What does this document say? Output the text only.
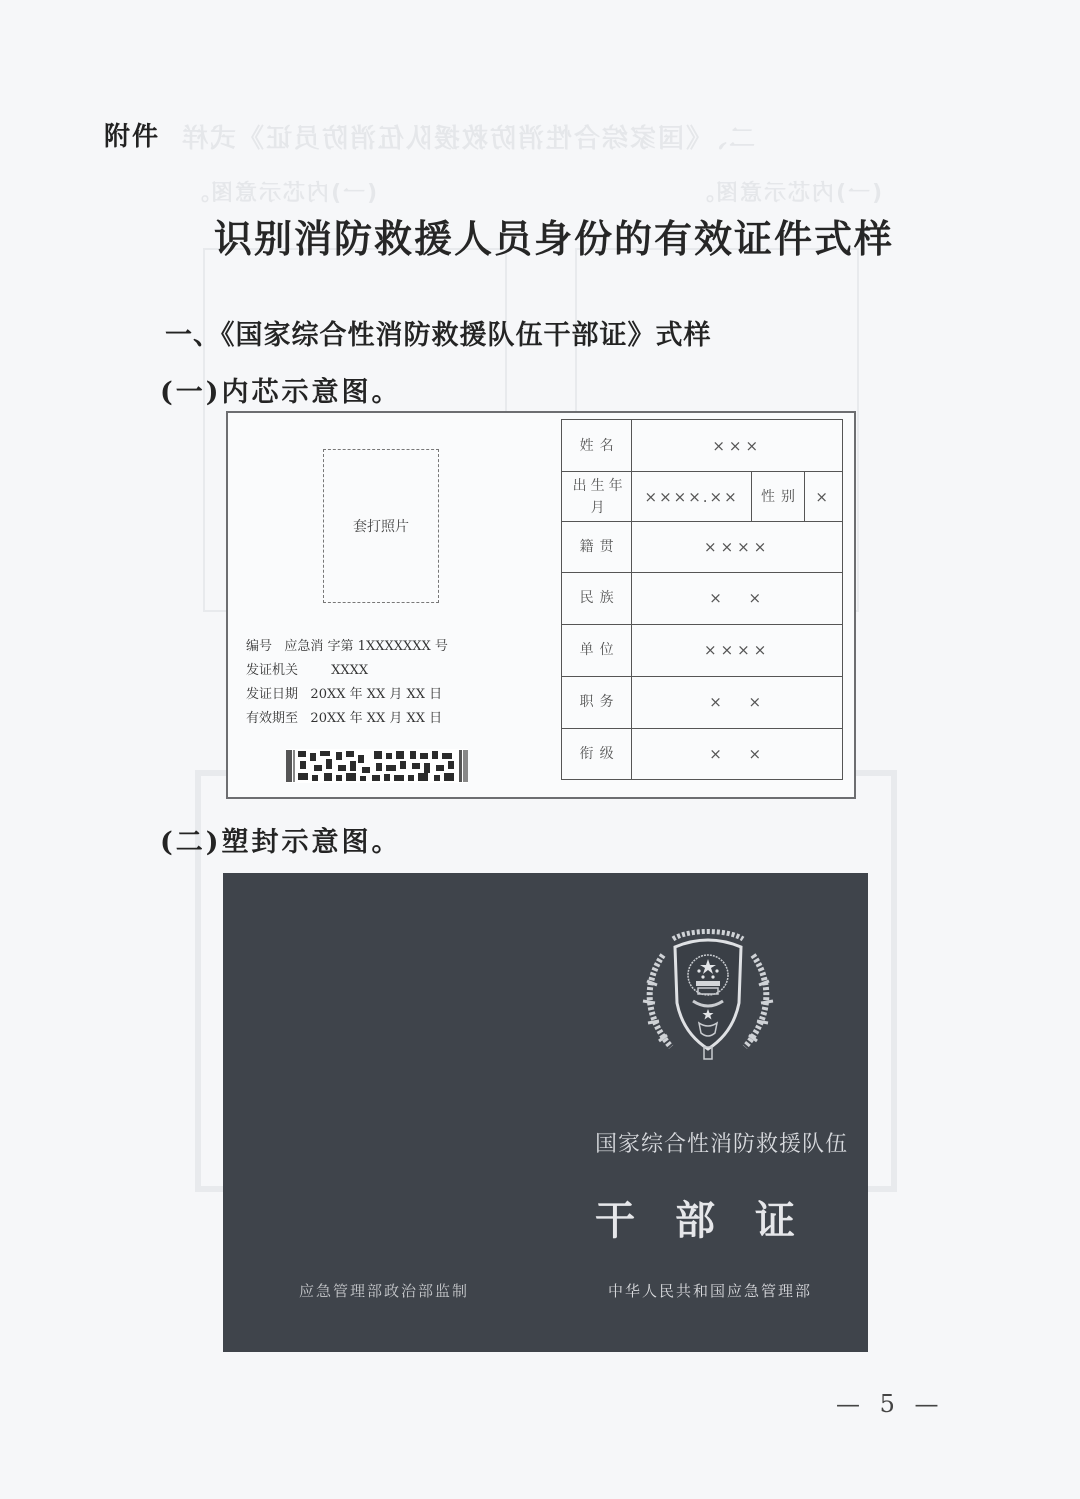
二、《国家综合性消防救援队伍消防员证》式样
(一)内芯示意图。	(一)内芯示意图。
附件
识别消防救援人员身份的有效证件式样
一、《国家综合性消防救援队伍干部证》式样
(一)内芯示意图。
套打照片
编号 应急消 字第 1XXXXXXX 号
发证机关	XXXX
发证日期 20XX 年 XX 月 XX 日
有效期至 20XX 年 XX 月 XX 日
姓名	×××		
出生年月	××××.××	性别	×
籍贯	××××		
民族	× ×		
单位	××××		
职务	× ×		
衔级	× ×		
(二)塑封示意图。
国家综合性消防救援队伍
干部证
应急管理部政治部监制	中华人民共和国应急管理部
— 5 —
